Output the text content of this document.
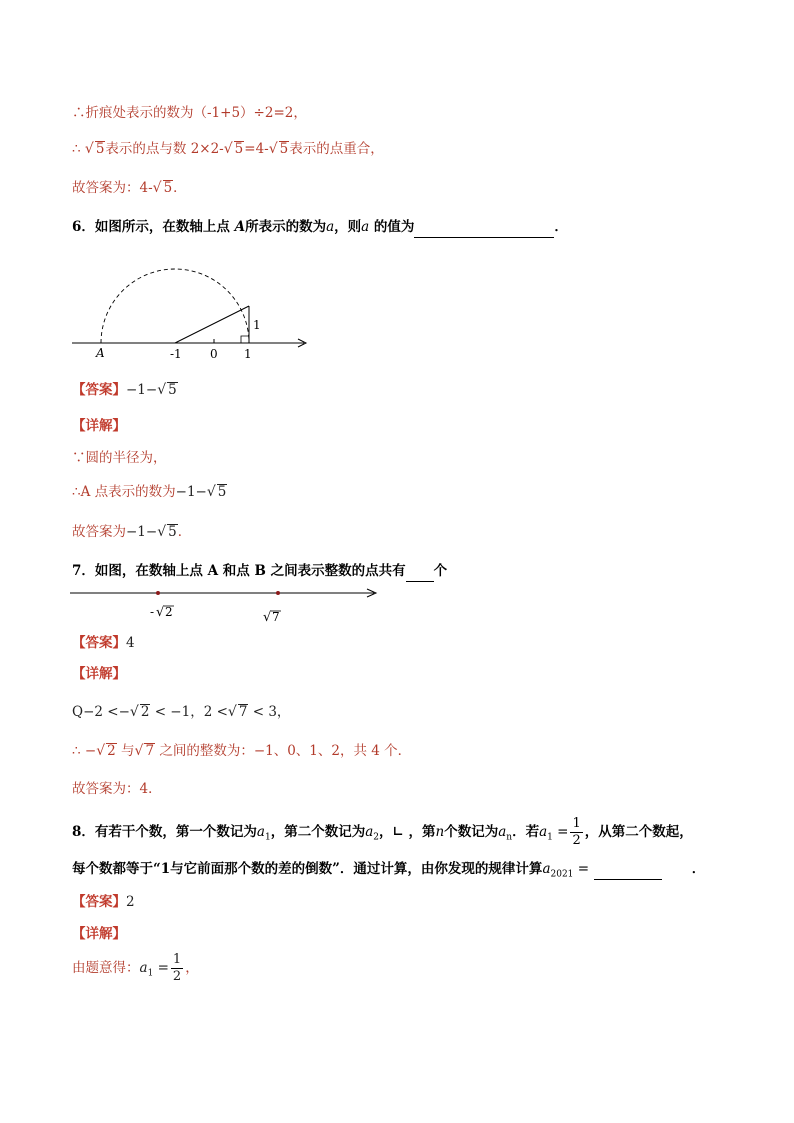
∴折痕处表示的数为（-1+5）÷2=2，
∴ √ 5表示的点与数 2×2-√ 5=4-√ 5表示的点重合，
故答案为：4-√ 5．
6．如图所示，在数轴上点 A所表示的数为a，则a 的值为	．
A	-1 0 1
1
【答案】−1−√ 5
【详解】
∵圆的半径为，
∴A 点表示的数为−1−√ 5
故答案为−1−√ 5．
7．如图，在数轴上点 A 和点 B 之间表示整数的点共有 个
- √ 2	√ 7
【答案】4
【详解】
Q−2 <−√ 2 < −1，2 <√ 7 < 3，
∴ −√ 2 与√ 7 之间的整数为：−1、0、1、2，共 4 个．
故答案为：4．
8．有若干个数，第一个数记为$a_1$，第二个数记为$a_2$，∟ ，第n个数记为$a_n$．若$a_1 = \frac{1}{2}$ ，从第二个数起，
每个数都等于“1与它前面那个数的差的倒数”．通过计算，由你发现的规律计算$a_{2021}$ =	．
【答案】2
【详解】
由题意得：$a_1 = \frac{1}{2}$ ，
